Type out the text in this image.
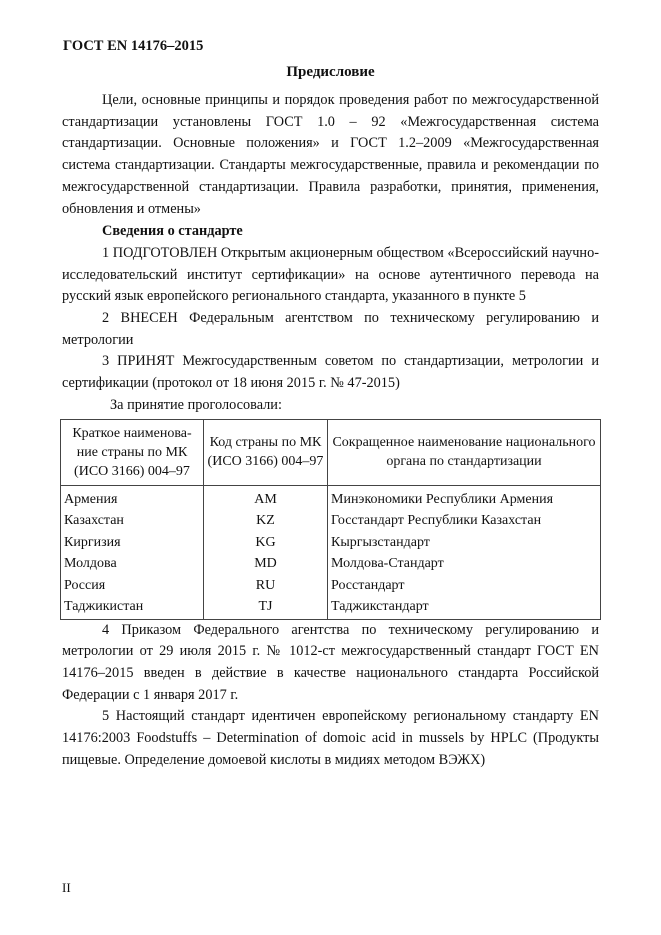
ГОСТ EN 14176–2015
Предисловие

Цели, основные принципы и порядок проведения работ по межгосударственной стандартизации установлены ГОСТ 1.0 – 92 «Межгосударственная система стандартизации. Основные положения» и ГОСТ 1.2–2009 «Межгосударственная система стандартизации. Стандарты межгосударственные, правила и рекомендации по межгосударственной стандартизации. Правила разработки, принятия, применения, обновления и отмены»

Сведения о стандарте

1 ПОДГОТОВЛЕН Открытым акционерным обществом «Всероссийский научно-исследовательский институт сертификации» на основе аутентичного перевода на русский язык европейского регионального стандарта, указанного в пункте 5

2 ВНЕСЕН Федеральным агентством по техническому регулированию и метрологии

3 ПРИНЯТ Межгосударственным советом по стандартизации, метрологии и сертификации (протокол от 18 июня 2015 г. № 47-2015)

За принятие проголосовали:

Краткое наименова-ние страны по МК (ИСО 3166) 004–97	Код страны по МК (ИСО 3166) 004–97	Сокращенное наименование национального органа по стандартизации
Армения	AM	Минэкономики Республики Армения
Казахстан	KZ	Госстандарт Республики Казахстан
Киргизия	KG	Кыргызстандарт
Молдова	MD	Молдова-Стандарт
Россия	RU	Росстандарт
Таджикистан	TJ	Таджикстандарт

4 Приказом Федерального агентства по техническому регулированию и метрологии от 29 июля 2015 г. № 1012-ст межгосударственный стандарт ГОСТ EN 14176–2015 введен в действие в качестве национального стандарта Российской Федерации с 1 января 2017 г.

5 Настоящий стандарт идентичен европейскому региональному стандарту EN 14176:2003 Foodstuffs – Determination of domoic acid in mussels by HPLC (Продукты пищевые. Определение домоевой кислоты в мидиях методом ВЭЖХ)

II
